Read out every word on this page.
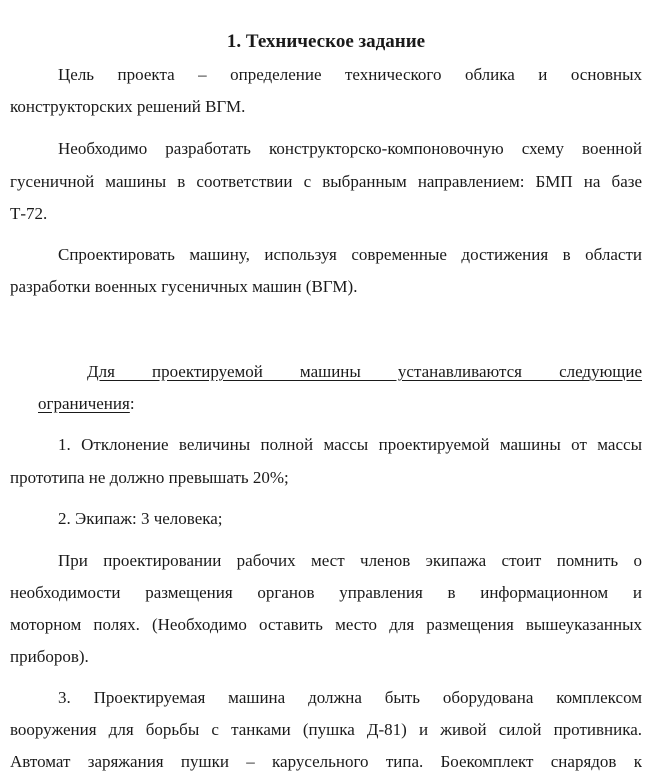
1. Техническое задание
Цель проекта – определение технического облика и основных
конструкторских решений ВГМ.
Необходимо разработать конструкторско-компоновочную схему военной
гусеничной машины в соответствии с выбранным направлением: БМП на базе
Т-72.
Спроектировать машину, используя современные достижения в области
разработки военных гусеничных машин (ВГМ).
Для проектируемой машины устанавливаются следующие
ограничения:
1. Отклонение величины полной массы проектируемой машины от массы
прототипа не должно превышать 20%;
2. Экипаж: 3 человека;
При проектировании рабочих мест членов экипажа стоит помнить о
необходимости размещения органов управления в информационном и
моторном полях. (Необходимо оставить место для размещения вышеуказанных
приборов).
3. Проектируемая машина должна быть оборудована комплексом
вооружения для борьбы с танками (пушка Д-81) и живой силой противника.
Автомат заряжания пушки – карусельного типа. Боекомплект снарядов к
